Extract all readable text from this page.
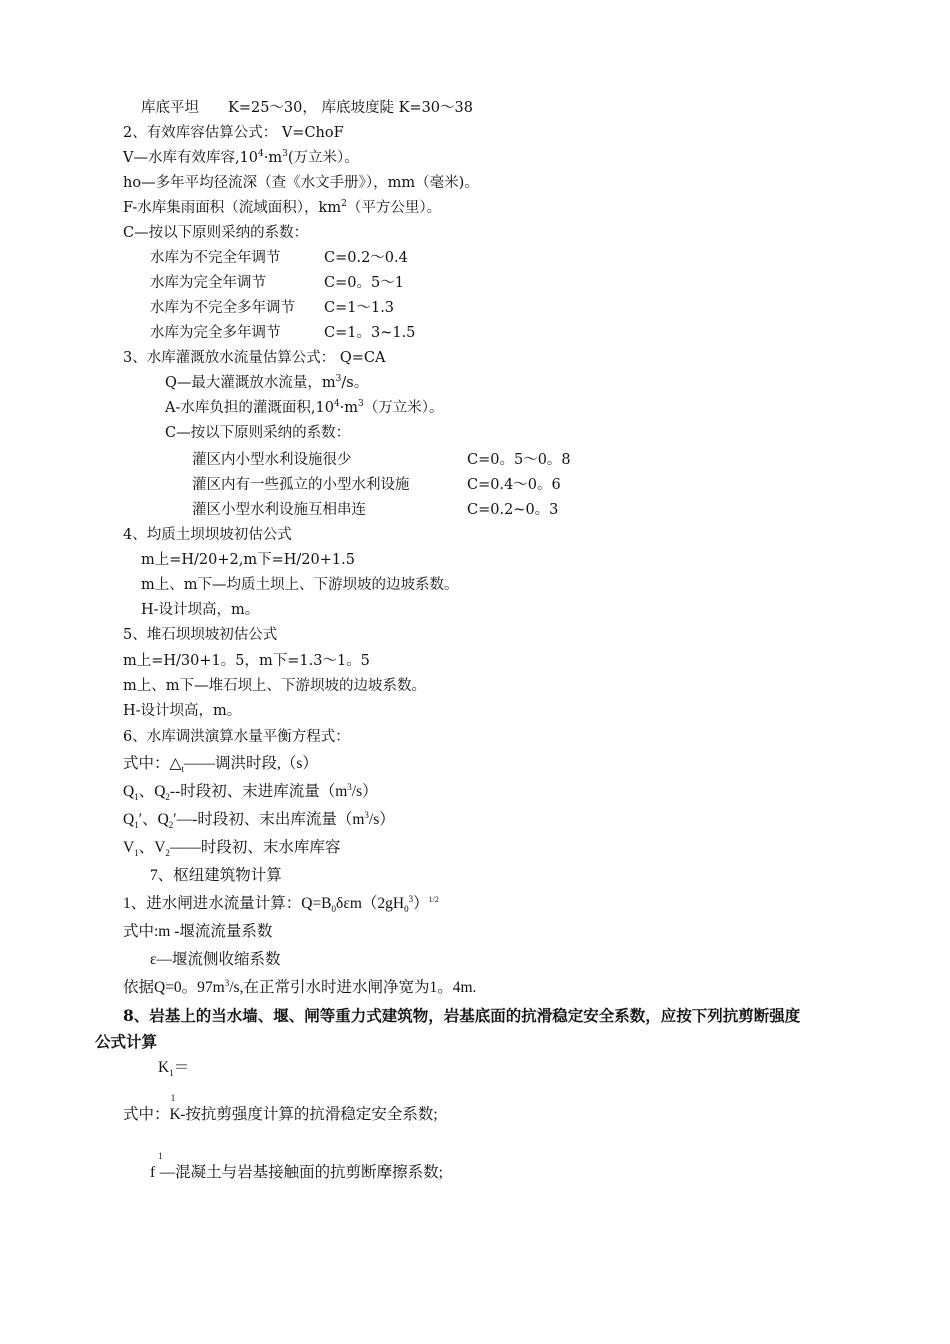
库底平坦　　K=25～30， 库底坡度陡 K=30～38
2、有效库容估算公式： V=ChoF
V—水库有效库容$,10^4\cdot m^3$(万立米）。
ho—多年平均径流深（查《水文手册》），mm（毫米)。
F-水库集雨面积（流域面积），$km^2$（平方公里）。
C—按以下原则采纳的系数：
水库为不完全年调节	C=0.2～0.4
水库为完全年调节	C=0。5～1
水库为不完全多年调节 C=1～1.3
水库为完全多年调节	C=1。3~1.5
3、水库灌溉放水流量估算公式： Q=CA
Q—最大灌溉放水流量，$m^3/s$。
A-水库负担的灌溉面积$,10^4\cdot m^3$（万立米）。
C—按以下原则采纳的系数：
灌区内小型水利设施很少	C=0。5～0。8
灌区内有一些孤立的小型水利设施	C=0.4～0。6
灌区小型水利设施互相串连	C=0.2~0。3
4、均质土坝坝坡初估公式
m上=H/20+2,m下=H/20+1.5
m上、m下—均质土坝上、下游坝坡的边坡系数。
H-设计坝高，m。
5、堆石坝坝坡初估公式
m上=H/30+1。5，m下=1.3～1。5
m上、m下—堆石坝上、下游坝坡的边坡系数。
H-设计坝高，m。
6、水库调洪演算水量平衡方程式：
式中：$\triangle_t——$调洪时段,（s）
$Q_1$、$Q_2--$时段初、末进库流量$(m^3/s)$
$Q_1'$、$Q_2'—-$时段初、末出库流量$(m^3/s)$
$V_1$、$V_2——$时段初、末水库库容
7、枢纽建筑物计算
1、进水闸进水流量计算：$Q=B_0\delta\varepsilon m(2gH_0^3)^{1/2}$
式中:m -堰流流量系数
ε—堰流侧收缩系数
依据Q=0。$97m^3/s$,在正常引水时进水闸净宽为1。4m.
8、岩基上的当水墙、堰、闸等重力式建筑物，岩基底面的抗滑稳定安全系数，应按下列抗剪断强度
公式计算
$K_1=$
式中：$K^1-$按抗剪强度计算的抗滑稳定安全系数;
$f^1—$混凝土与岩基接触面的抗剪断摩擦系数;
